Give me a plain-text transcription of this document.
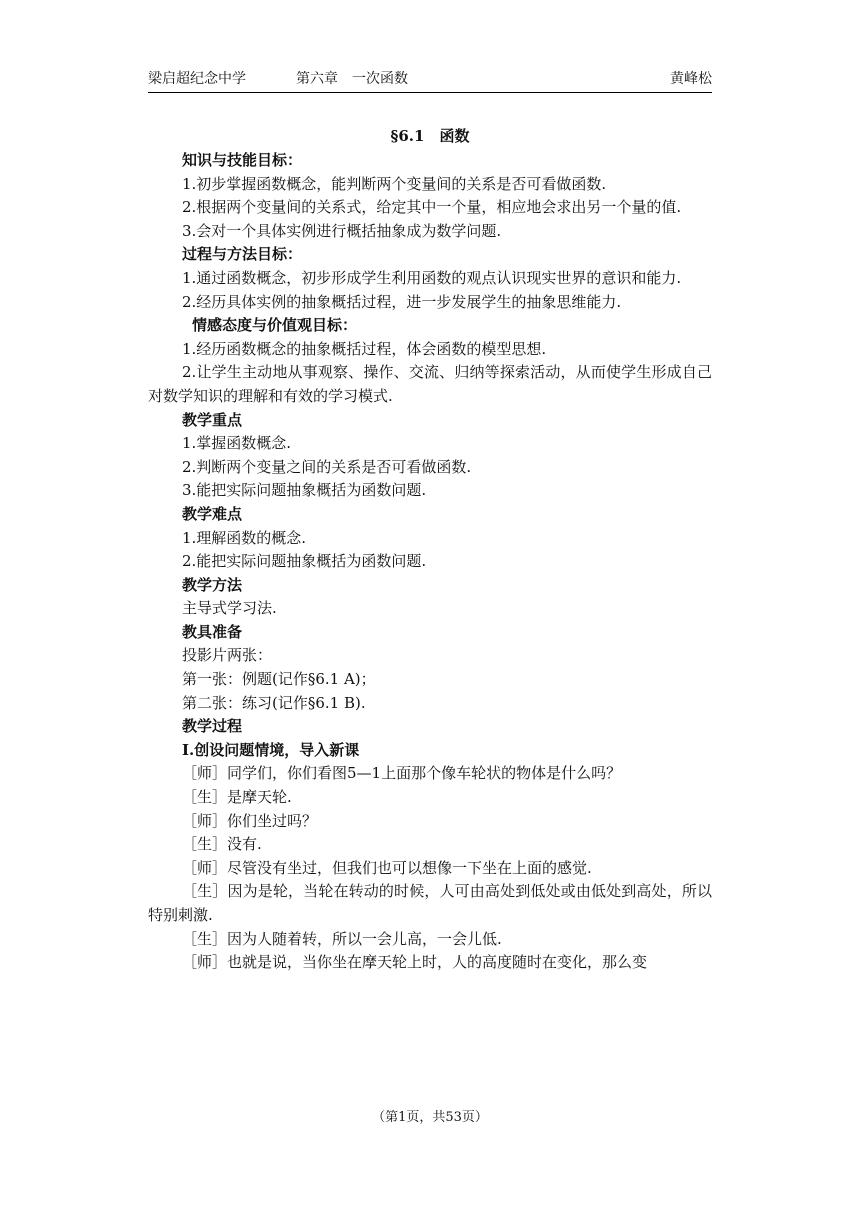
梁启超纪念中学	第六章　一次函数	黄峰松
§6.1　函数
知识与技能目标：
1.初步掌握函数概念，能判断两个变量间的关系是否可看做函数.
2.根据两个变量间的关系式，给定其中一个量，相应地会求出另一个量的值.
3.会对一个具体实例进行概括抽象成为数学问题.
过程与方法目标：
1.通过函数概念，初步形成学生利用函数的观点认识现实世界的意识和能力.
2.经历具体实例的抽象概括过程，进一步发展学生的抽象思维能力.
情感态度与价值观目标：
1.经历函数概念的抽象概括过程，体会函数的模型思想.
2.让学生主动地从事观察、操作、交流、归纳等探索活动，从而使学生形成自己对数学知识的理解和有效的学习模式.
教学重点
1.掌握函数概念.
2.判断两个变量之间的关系是否可看做函数.
3.能把实际问题抽象概括为函数问题.
教学难点
1.理解函数的概念.
2.能把实际问题抽象概括为函数问题.
教学方法
主导式学习法.
教具准备
投影片两张：
第一张：例题(记作§6.1 A)；
第二张：练习(记作§6.1 B).
教学过程
Ⅰ.创设问题情境，导入新课
［师］同学们，你们看图5—1上面那个像车轮状的物体是什么吗？
［生］是摩天轮.
［师］你们坐过吗？
［生］没有.
［师］尽管没有坐过，但我们也可以想像一下坐在上面的感觉.
［生］因为是轮，当轮在转动的时候，人可由高处到低处或由低处到高处，所以特别刺激.
［生］因为人随着转，所以一会儿高，一会儿低.
［师］也就是说，当你坐在摩天轮上时，人的高度随时在变化，那么变
（第1页，共53页）
